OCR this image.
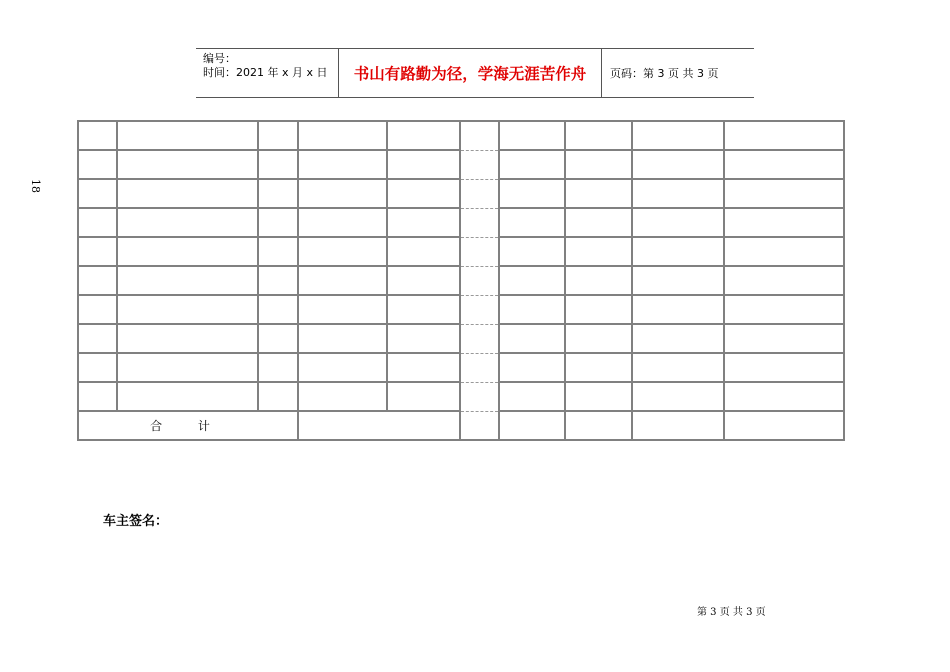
编号：
时间：2021 年 x 月 x 日	书山有路勤为径，学海无涯苦作舟	页码：第 3 页 共 3 页
18

合 计									
车主签名：
第 3 页 共 3 页
